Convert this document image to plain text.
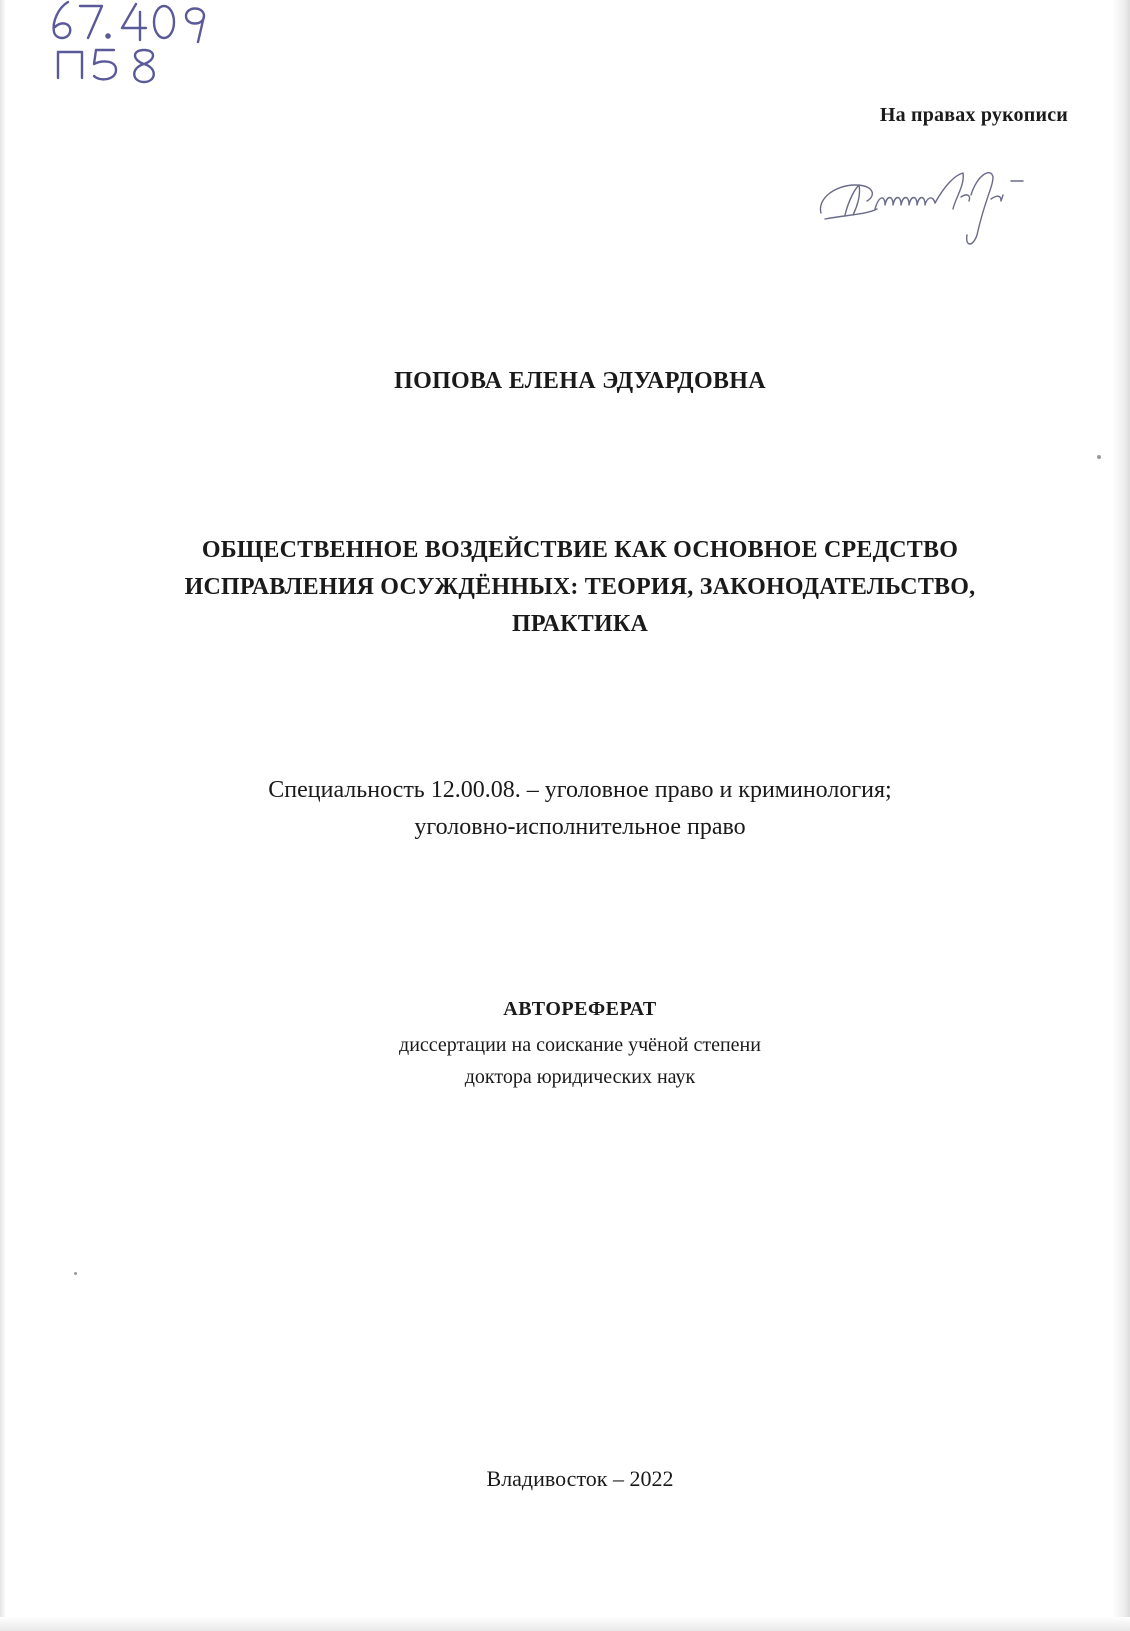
На правах рукописи
ПОПОВА ЕЛЕНА ЭДУАРДОВНА
ОБЩЕСТВЕННОЕ ВОЗДЕЙСТВИЕ КАК ОСНОВНОЕ СРЕДСТВО
ИСПРАВЛЕНИЯ ОСУЖДЁННЫХ: ТЕОРИЯ, ЗАКОНОДАТЕЛЬСТВО,
ПРАКТИКА
Специальность 12.00.08. – уголовное право и криминология;
уголовно-исполнительное право
АВТОРЕФЕРАТ
диссертации на соискание учёной степени
доктора юридических наук
Владивосток – 2022
